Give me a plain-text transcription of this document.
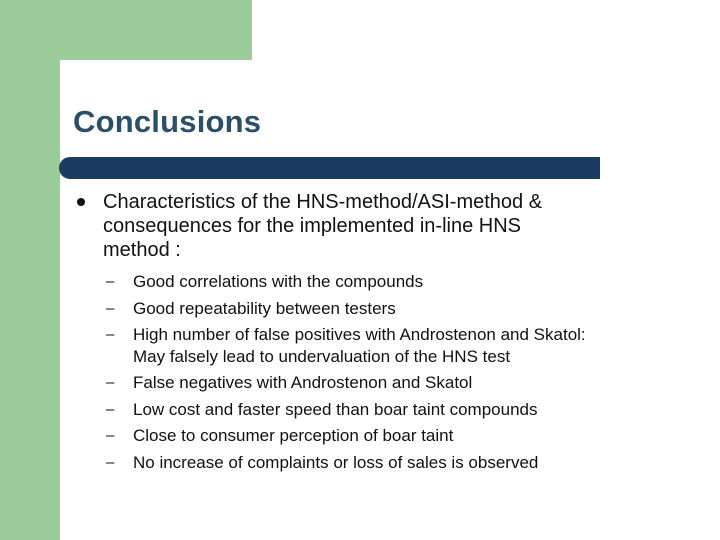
Conclusions
Characteristics of the HNS-method/ASI-method &
consequences for the implemented in-line HNS
method :
– Good correlations with the compounds
– Good repeatability between testers
– High number of false positives with Androstenon and Skatol:
May falsely lead to undervaluation of the HNS test
– False negatives with Androstenon and Skatol
– Low cost and faster speed than boar taint compounds
– Close to consumer perception of boar taint
– No increase of complaints or loss of sales is observed
